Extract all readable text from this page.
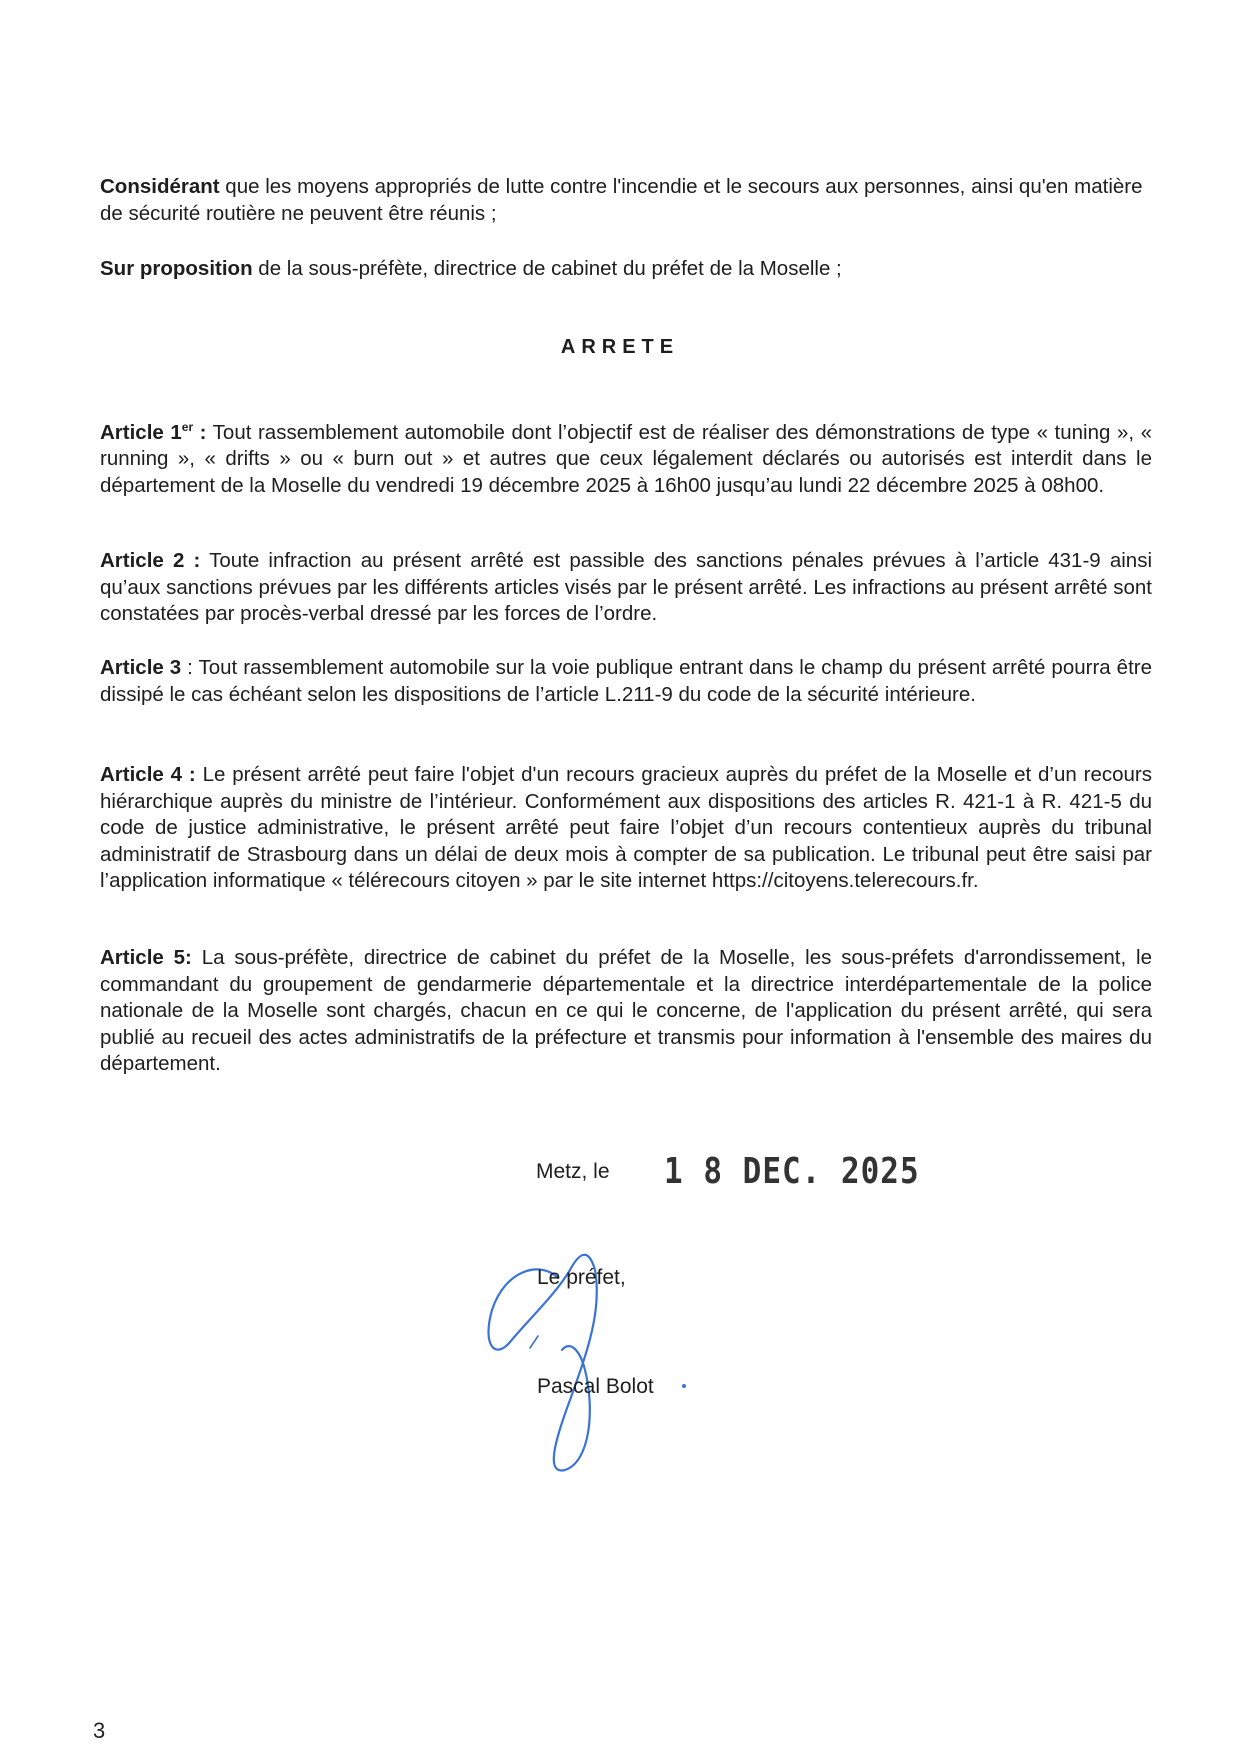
Considérant que les moyens appropriés de lutte contre l'incendie et le secours aux personnes, ainsi qu'en matière de sécurité routière ne peuvent être réunis ;

Sur proposition de la sous-préfète, directrice de cabinet du préfet de la Moselle ;

Article 1er : Tout rassemblement automobile dont l’objectif est de réaliser des démonstrations de type « tuning », « running », « drifts » ou « burn out » et autres que ceux légalement déclarés ou autorisés est interdit dans le département de la Moselle du vendredi 19 décembre 2025 à 16h00 jusqu’au lundi 22 décembre 2025 à 08h00.

Article 2 : Toute infraction au présent arrêté est passible des sanctions pénales prévues à l’article 431-9 ainsi qu’aux sanctions prévues par les différents articles visés par le présent arrêté. Les infractions au présent arrêté sont constatées par procès-verbal dressé par les forces de l’ordre.

Article 3 : Tout rassemblement automobile sur la voie publique entrant dans le champ du présent arrêté pourra être dissipé le cas échéant selon les dispositions de l’article L.211-9 du code de la sécurité intérieure.

Article 4 : Le présent arrêté peut faire l'objet d'un recours gracieux auprès du préfet de la Moselle et d’un recours hiérarchique auprès du ministre de l’intérieur. Conformément aux dispositions des articles R. 421-1 à R. 421-5 du code de justice administrative, le présent arrêté peut faire l’objet d’un recours contentieux auprès du tribunal administratif de Strasbourg dans un délai de deux mois à compter de sa publication. Le tribunal peut être saisi par l’application informatique « télérecours citoyen » par le site internet https://citoyens.telerecours.fr.

Article 5: La sous-préfète, directrice de cabinet du préfet de la Moselle, les sous-préfets d'arrondissement, le commandant du groupement de gendarmerie départementale et la directrice interdépartementale de la police nationale de la Moselle sont chargés, chacun en ce qui le concerne, de l'application du présent arrêté, qui sera publié au recueil des actes administratifs de la préfecture et transmis pour information à l'ensemble des maires du département.

ARRETE
Metz, le 1 8 DEC. 2025
Le préfet,
Pascal Bolot
3
